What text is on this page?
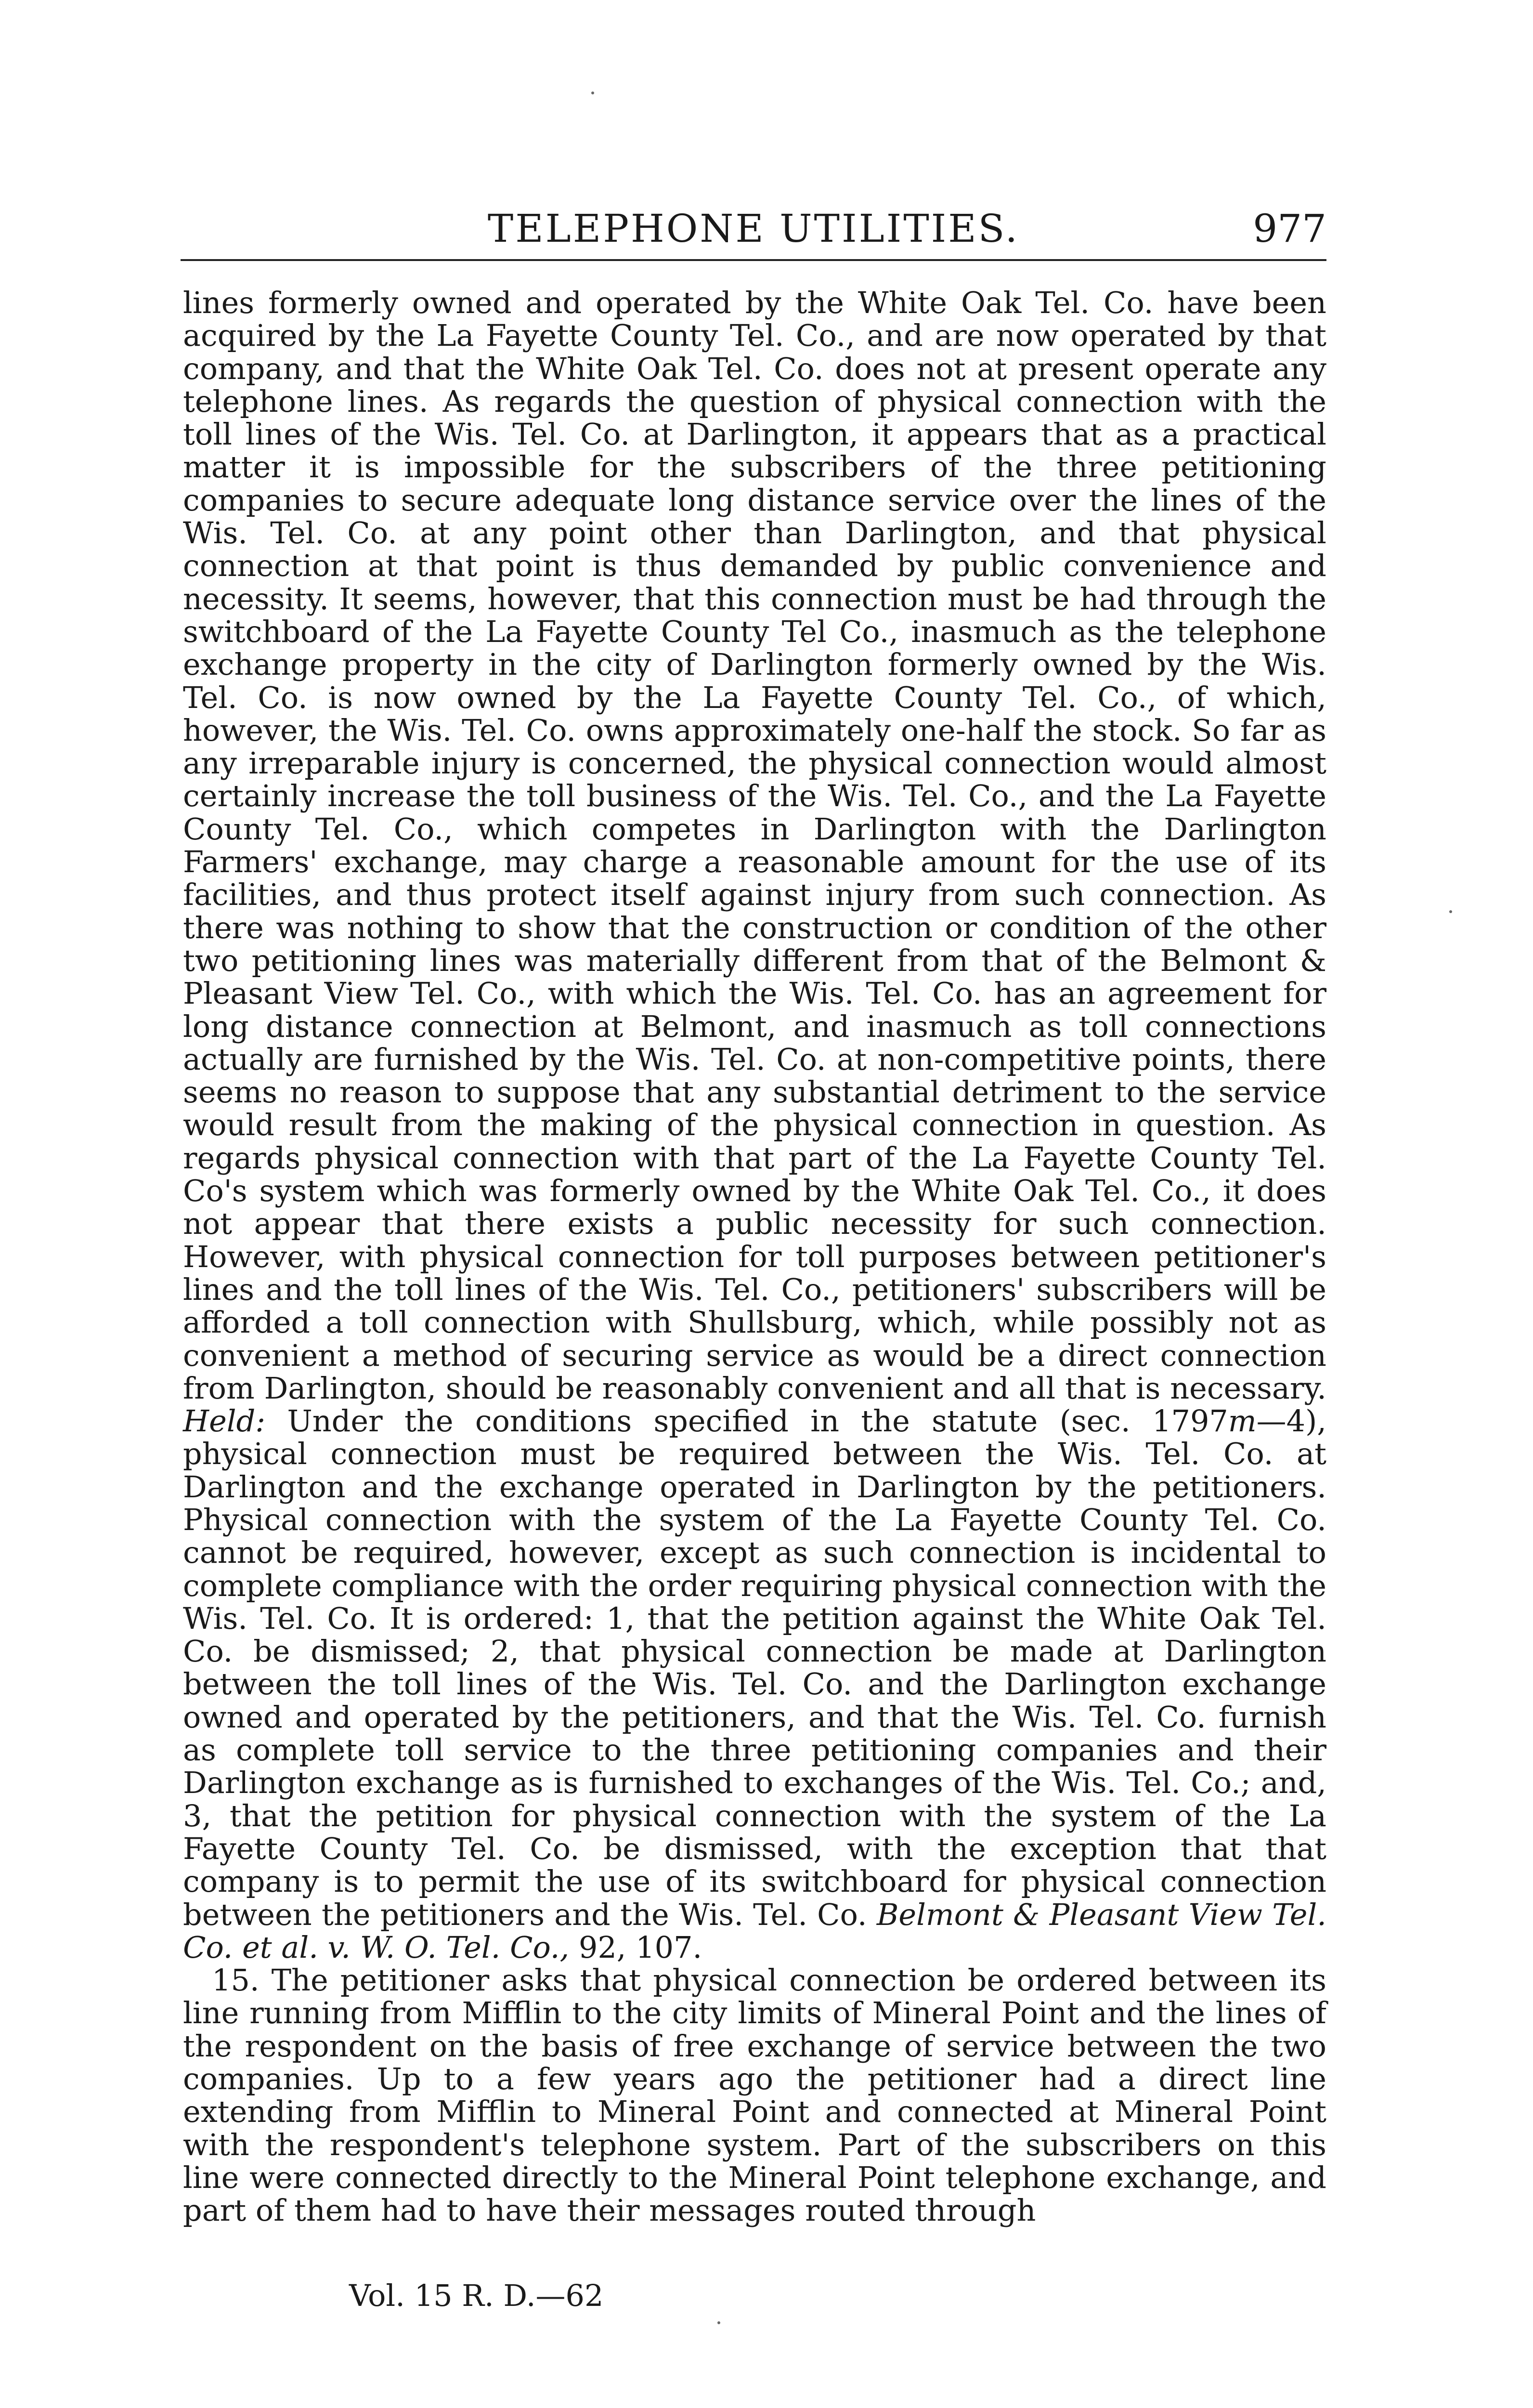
TELEPHONE UTILITIES.	977

lines formerly owned and operated by the White Oak Tel. Co. have been acquired by the La Fayette County Tel. Co., and are now operated by that company, and that the White Oak Tel. Co. does not at present operate any telephone lines. As regards the question of physical connection with the toll lines of the Wis. Tel. Co. at Darlington, it appears that as a practical matter it is impossible for the subscribers of the three petitioning companies to secure adequate long distance service over the lines of the Wis. Tel. Co. at any point other than Darlington, and that physical connection at that point is thus demanded by public convenience and necessity. It seems, however, that this connection must be had through the switchboard of the La Fayette County Tel Co., inasmuch as the telephone exchange property in the city of Darlington formerly owned by the Wis. Tel. Co. is now owned by the La Fayette County Tel. Co., of which, however, the Wis. Tel. Co. owns approximately one-half the stock. So far as any irreparable injury is concerned, the physical connection would almost certainly increase the toll business of the Wis. Tel. Co., and the La Fayette County Tel. Co., which competes in Darlington with the Darlington Farmers' exchange, may charge a reasonable amount for the use of its facilities, and thus protect itself against injury from such connection. As there was nothing to show that the construction or condition of the other two petitioning lines was materially different from that of the Belmont & Pleasant View Tel. Co., with which the Wis. Tel. Co. has an agreement for long distance connection at Belmont, and inasmuch as toll connections actually are furnished by the Wis. Tel. Co. at non-competitive points, there seems no reason to suppose that any substantial detriment to the service would result from the making of the physical connection in question. As regards physical connection with that part of the La Fayette County Tel. Co's system which was formerly owned by the White Oak Tel. Co., it does not appear that there exists a public necessity for such connection. However, with physical connection for toll purposes between petitioner's lines and the toll lines of the Wis. Tel. Co., petitioners' subscribers will be afforded a toll connection with Shullsburg, which, while possibly not as convenient a method of securing service as would be a direct connection from Darlington, should be reasonably convenient and all that is necessary. Held: Under the conditions specified in the statute (sec. 1797m—4), physical connection must be required between the Wis. Tel. Co. at Darlington and the exchange operated in Darlington by the petitioners. Physical connection with the system of the La Fayette County Tel. Co. cannot be required, however, except as such connection is incidental to complete compliance with the order requiring physical connection with the Wis. Tel. Co. It is ordered: 1, that the petition against the White Oak Tel. Co. be dismissed; 2, that physical connection be made at Darlington between the toll lines of the Wis. Tel. Co. and the Darlington exchange owned and operated by the petitioners, and that the Wis. Tel. Co. furnish as complete toll service to the three petitioning companies and their Darlington exchange as is furnished to exchanges of the Wis. Tel. Co.; and, 3, that the petition for physical connection with the system of the La Fayette County Tel. Co. be dismissed, with the exception that that company is to permit the use of its switchboard for physical connection between the petitioners and the Wis. Tel. Co. Belmont & Pleasant View Tel. Co. et al. v. W. O. Tel. Co., 92, 107.

15. The petitioner asks that physical connection be ordered between its line running from Mifflin to the city limits of Mineral Point and the lines of the respondent on the basis of free exchange of service between the two companies. Up to a few years ago the petitioner had a direct line extending from Mifflin to Mineral Point and connected at Mineral Point with the respondent's telephone system. Part of the subscribers on this line were connected directly to the Mineral Point telephone exchange, and part of them had to have their messages routed through

Vol. 15 R. D.—62
